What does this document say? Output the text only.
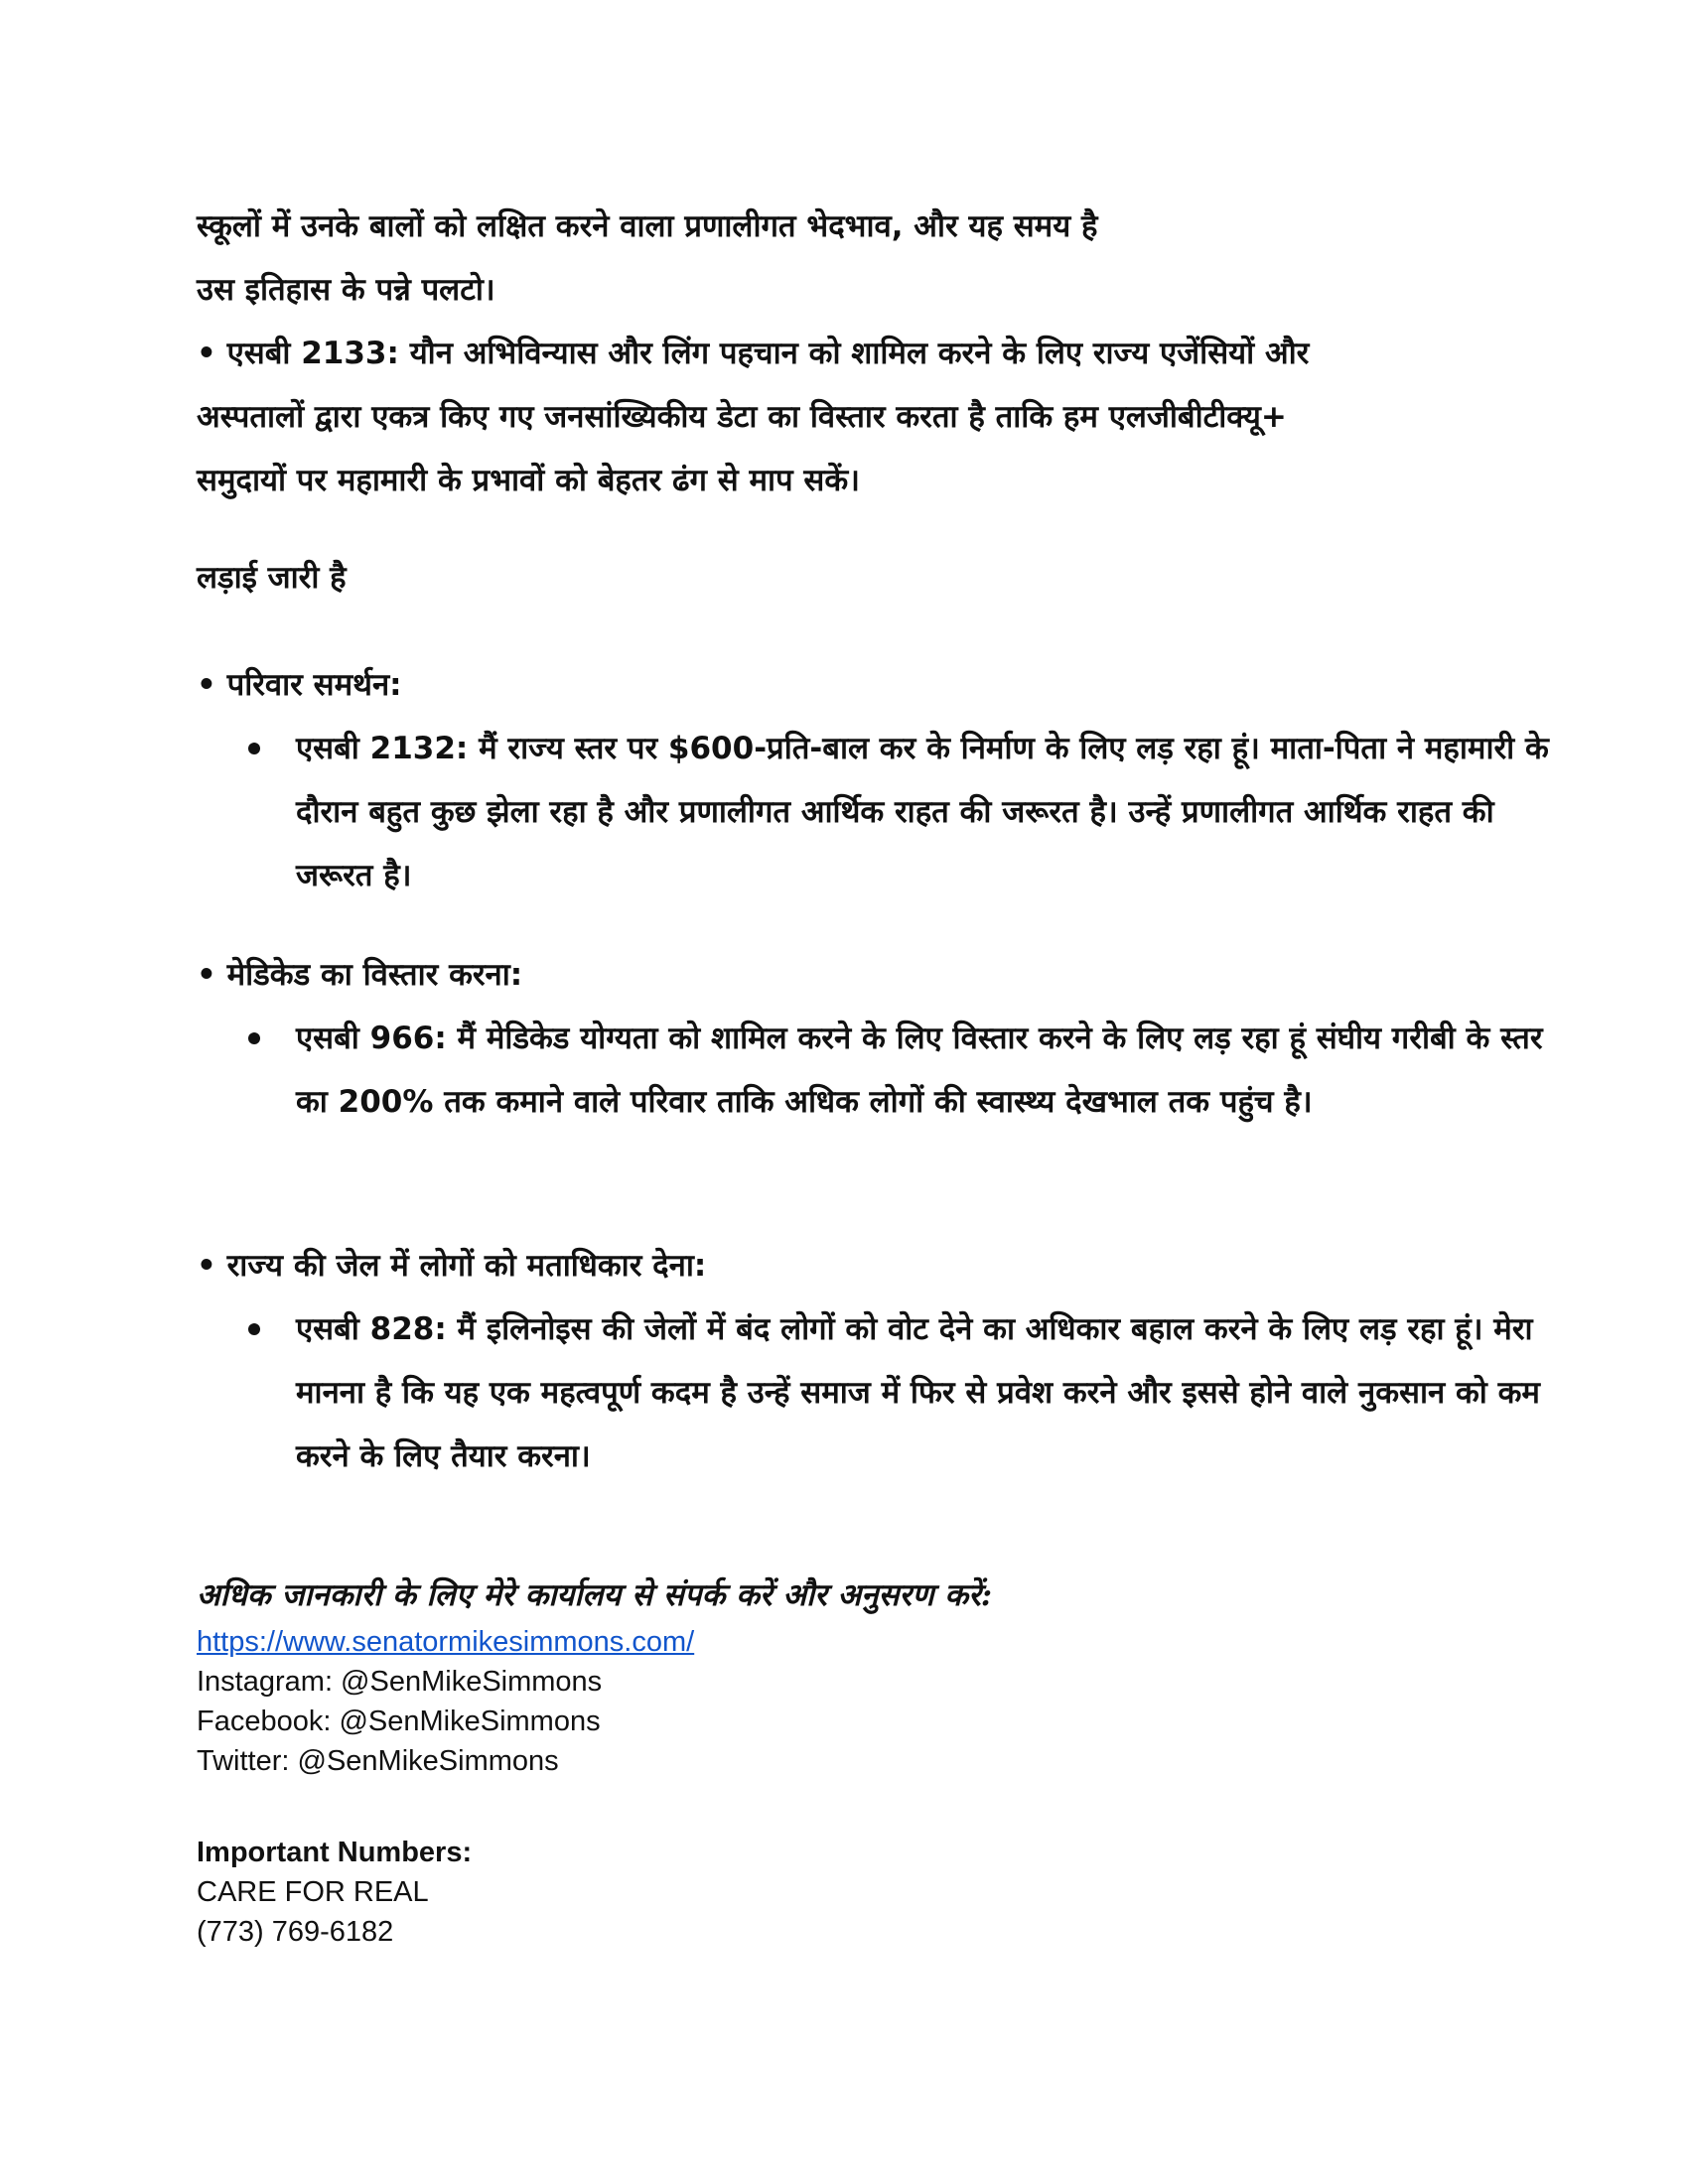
स्कूलों में उनके बालों को लक्षित करने वाला प्रणालीगत भेदभाव, और यह समय है

उस इतिहास के पन्ने पलटो।

• एसबी 2133: यौन अभिविन्यास और लिंग पहचान को शामिल करने के लिए राज्य एजेंसियों और

अस्पतालों द्वारा एकत्र किए गए जनसांख्यिकीय डेटा का विस्तार करता है ताकि हम एलजीबीटीक्यू+

समुदायों पर महामारी के प्रभावों को बेहतर ढंग से माप सकें।

लड़ाई जारी है

• परिवार समर्थन:

एसबी 2132: मैं राज्य स्तर पर $600-प्रति-बाल कर के निर्माण के लिए लड़ रहा हूं। माता-पिता ने महामारी के दौरान बहुत कुछ झेला रहा है और प्रणालीगत आर्थिक राहत की जरूरत है। उन्हें प्रणालीगत आर्थिक राहत की जरूरत है।

• मेडिकेड का विस्तार करना:

एसबी 966: मैं मेडिकेड योग्यता को शामिल करने के लिए विस्तार करने के लिए लड़ रहा हूं संघीय गरीबी के स्तर का 200% तक कमाने वाले परिवार ताकि अधिक लोगों की स्वास्थ्य देखभाल तक पहुंच है।

• राज्य की जेल में लोगों को मताधिकार देना:

एसबी 828: मैं इलिनोइस की जेलों में बंद लोगों को वोट देने का अधिकार बहाल करने के लिए लड़ रहा हूं। मेरा मानना है कि यह एक महत्वपूर्ण कदम है उन्हें समाज में फिर से प्रवेश करने और इससे होने वाले नुकसान को कम करने के लिए तैयार करना।

अधिक जानकारी के लिए मेरे कार्यालय से संपर्क करें और अनुसरण करें:

https://www.senatormikesimmons.com/
Instagram: @SenMikeSimmons
Facebook: @SenMikeSimmons
Twitter: @SenMikeSimmons
Important Numbers:
CARE FOR REAL
(773) 769-6182
